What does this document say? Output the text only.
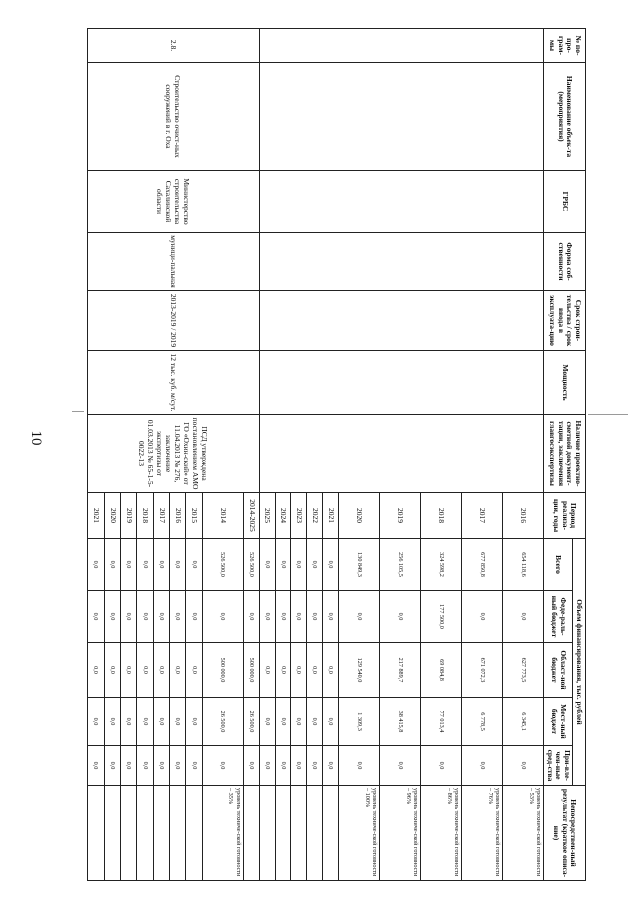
10
№ по-про-грам-мы	Наименование объек-та (мероприятия)	ГРБС	Форма соб-ственности	Срок строи-тельства / срок ввода в эксплуата-цию	Мощность	Наличие проектно-сметной документ-тации, заключения главгосэкспертизы	Период реализа-ции, годы	Объем финансирования, тыс. рублей					Непосредствен-ный результат (краткое описа-ние)
								Всего	Феде-раль-ный бюджет	Област-ной бюджет	Мест-ный бюджет	При-вле-чен-ные сред-ства	
							2016	654 118,6	0,0	627 773,5	6 345,1	0,0	уровень техниче-ской готовности – 53%
							2017	677 850,8	0,0	671 072,3	6 778,5	0,0	уровень техниче-ской готовности – 76%
							2018	324 598,2	177 500,0	69 084,8	77 013,4	0,0	уровень техниче-ской готовности – 86%
							2019	256 105,5	0,0	217 889,7	38 415,8	0,0	уровень техниче-ской готовности – 96%
							2020	130 849,3	0,0	129 540,0	1 309,3	0,0	уровень техниче-ской готовности – 100%
							2021	0,0	0,0	0,0	0,0	0,0	
							2022	0,0	0,0	0,0	0,0	0,0	
							2023	0,0	0,0	0,0	0,0	0,0	
							2024	0,0	0,0	0,0	0,0	0,0	
							2025	0,0	0,0	0,0	0,0	0,0	
2.8.	Строительство очист-ных сооружений в г. Оха	Министерство строительства Сахалинской области	муници-пальная	2013-2019 / 2019	12 тыс. куб. м/сут.	ПСД утверждена постановлением АМО ГО «Охин-ский» от 11.04.2013 № 276, заключение экспертизы от 01.03.2013 № 65-1-5-0022-13	2014-2025	526 500,0	0,0	500 000,0	26 500,0	0,0	
							2014	526 500,0	0,0	500 000,0	26 500,0	0,0	уровень техниче-ской готовности – 35%
							2015	0,0	0,0	0,0	0,0	0,0	
							2016	0,0	0,0	0,0	0,0	0,0	
							2017	0,0	0,0	0,0	0,0	0,0	
							2018	0,0	0,0	0,0	0,0	0,0	
							2019	0,0	0,0	0,0	0,0	0,0	
							2020	0,0	0,0	0,0	0,0	0,0	
							2021	0,0	0,0	0,0	0,0	0,0	
